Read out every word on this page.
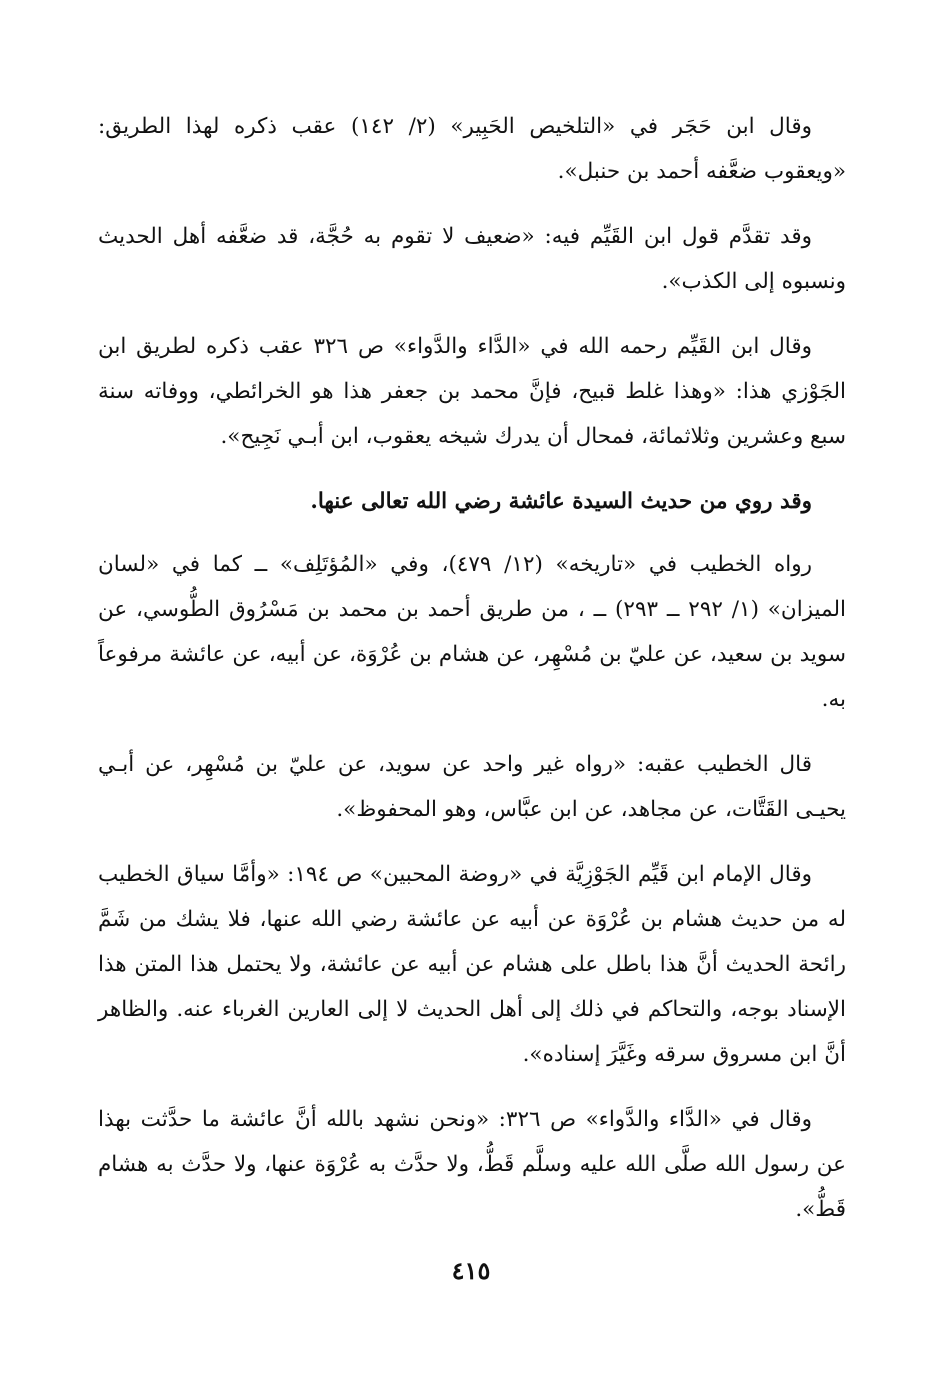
وقال ابن حَجَر في «التلخيص الحَبِير» (٢/ ١٤٢) عقب ذكره لهذا الطريق: «ويعقوب ضعَّفه أحمد بن حنبل».

وقد تقدَّم قول ابن القَيِّم فيه: «ضعيف لا تقوم به حُجَّة، قد ضعَّفه أهل الحديث ونسبوه إلى الكذب».

وقال ابن القَيِّم رحمه الله في «الدَّاء والدَّواء» ص ٣٢٦ عقب ذكره لطريق ابن الجَوْزي هذا: «وهذا غلط قبيح، فإنَّ محمد بن جعفر هذا هو الخرائطي، ووفاته سنة سبع وعشرين وثلاثمائة، فمحال أن يدرك شيخه يعقوب، ابن أبـي نَجِيح».

وقد روي من حديث السيدة عائشة رضي الله تعالى عنها.

رواه الخطيب في «تاريخه» (١٢/ ٤٧٩)، وفي «المُؤتَلِف» ــ كما في «لسان الميزان» (١/ ٢٩٢ ــ ٢٩٣) ــ ، من طريق أحمد بن محمد بن مَسْرُوق الطُّوسي، عن سويد بن سعيد، عن عليّ بن مُسْهِر، عن هشام بن عُرْوَة، عن أبيه، عن عائشة مرفوعاً به.

قال الخطيب عقبه: «رواه غير واحد عن سويد، عن عليّ بن مُسْهِر، عن أبـي يحيـى القَتَّات، عن مجاهد، عن ابن عبَّاس، وهو المحفوظ».

وقال الإمام ابن قَيِّم الجَوْزِيَّة في «روضة المحبين» ص ١٩٤: «وأمَّا سياق الخطيب له من حديث هشام بن عُرْوَة عن أبيه عن عائشة رضي الله عنها، فلا يشك من شَمَّ رائحة الحديث أنَّ هذا باطل على هشام عن أبيه عن عائشة، ولا يحتمل هذا المتن هذا الإسناد بوجه، والتحاكم في ذلك إلى أهل الحديث لا إلى العارين الغرباء عنه. والظاهر أنَّ ابن مسروق سرقه وغَيَّرَ إسناده».

وقال في «الدَّاء والدَّواء» ص ٣٢٦: «ونحن نشهد بالله أنَّ عائشة ما حدَّثت بهذا عن رسول الله صلَّى الله عليه وسلَّم قَطُّ، ولا حدَّث به عُرْوَة عنها، ولا حدَّث به هشام قَطُّ».

٤١٥
